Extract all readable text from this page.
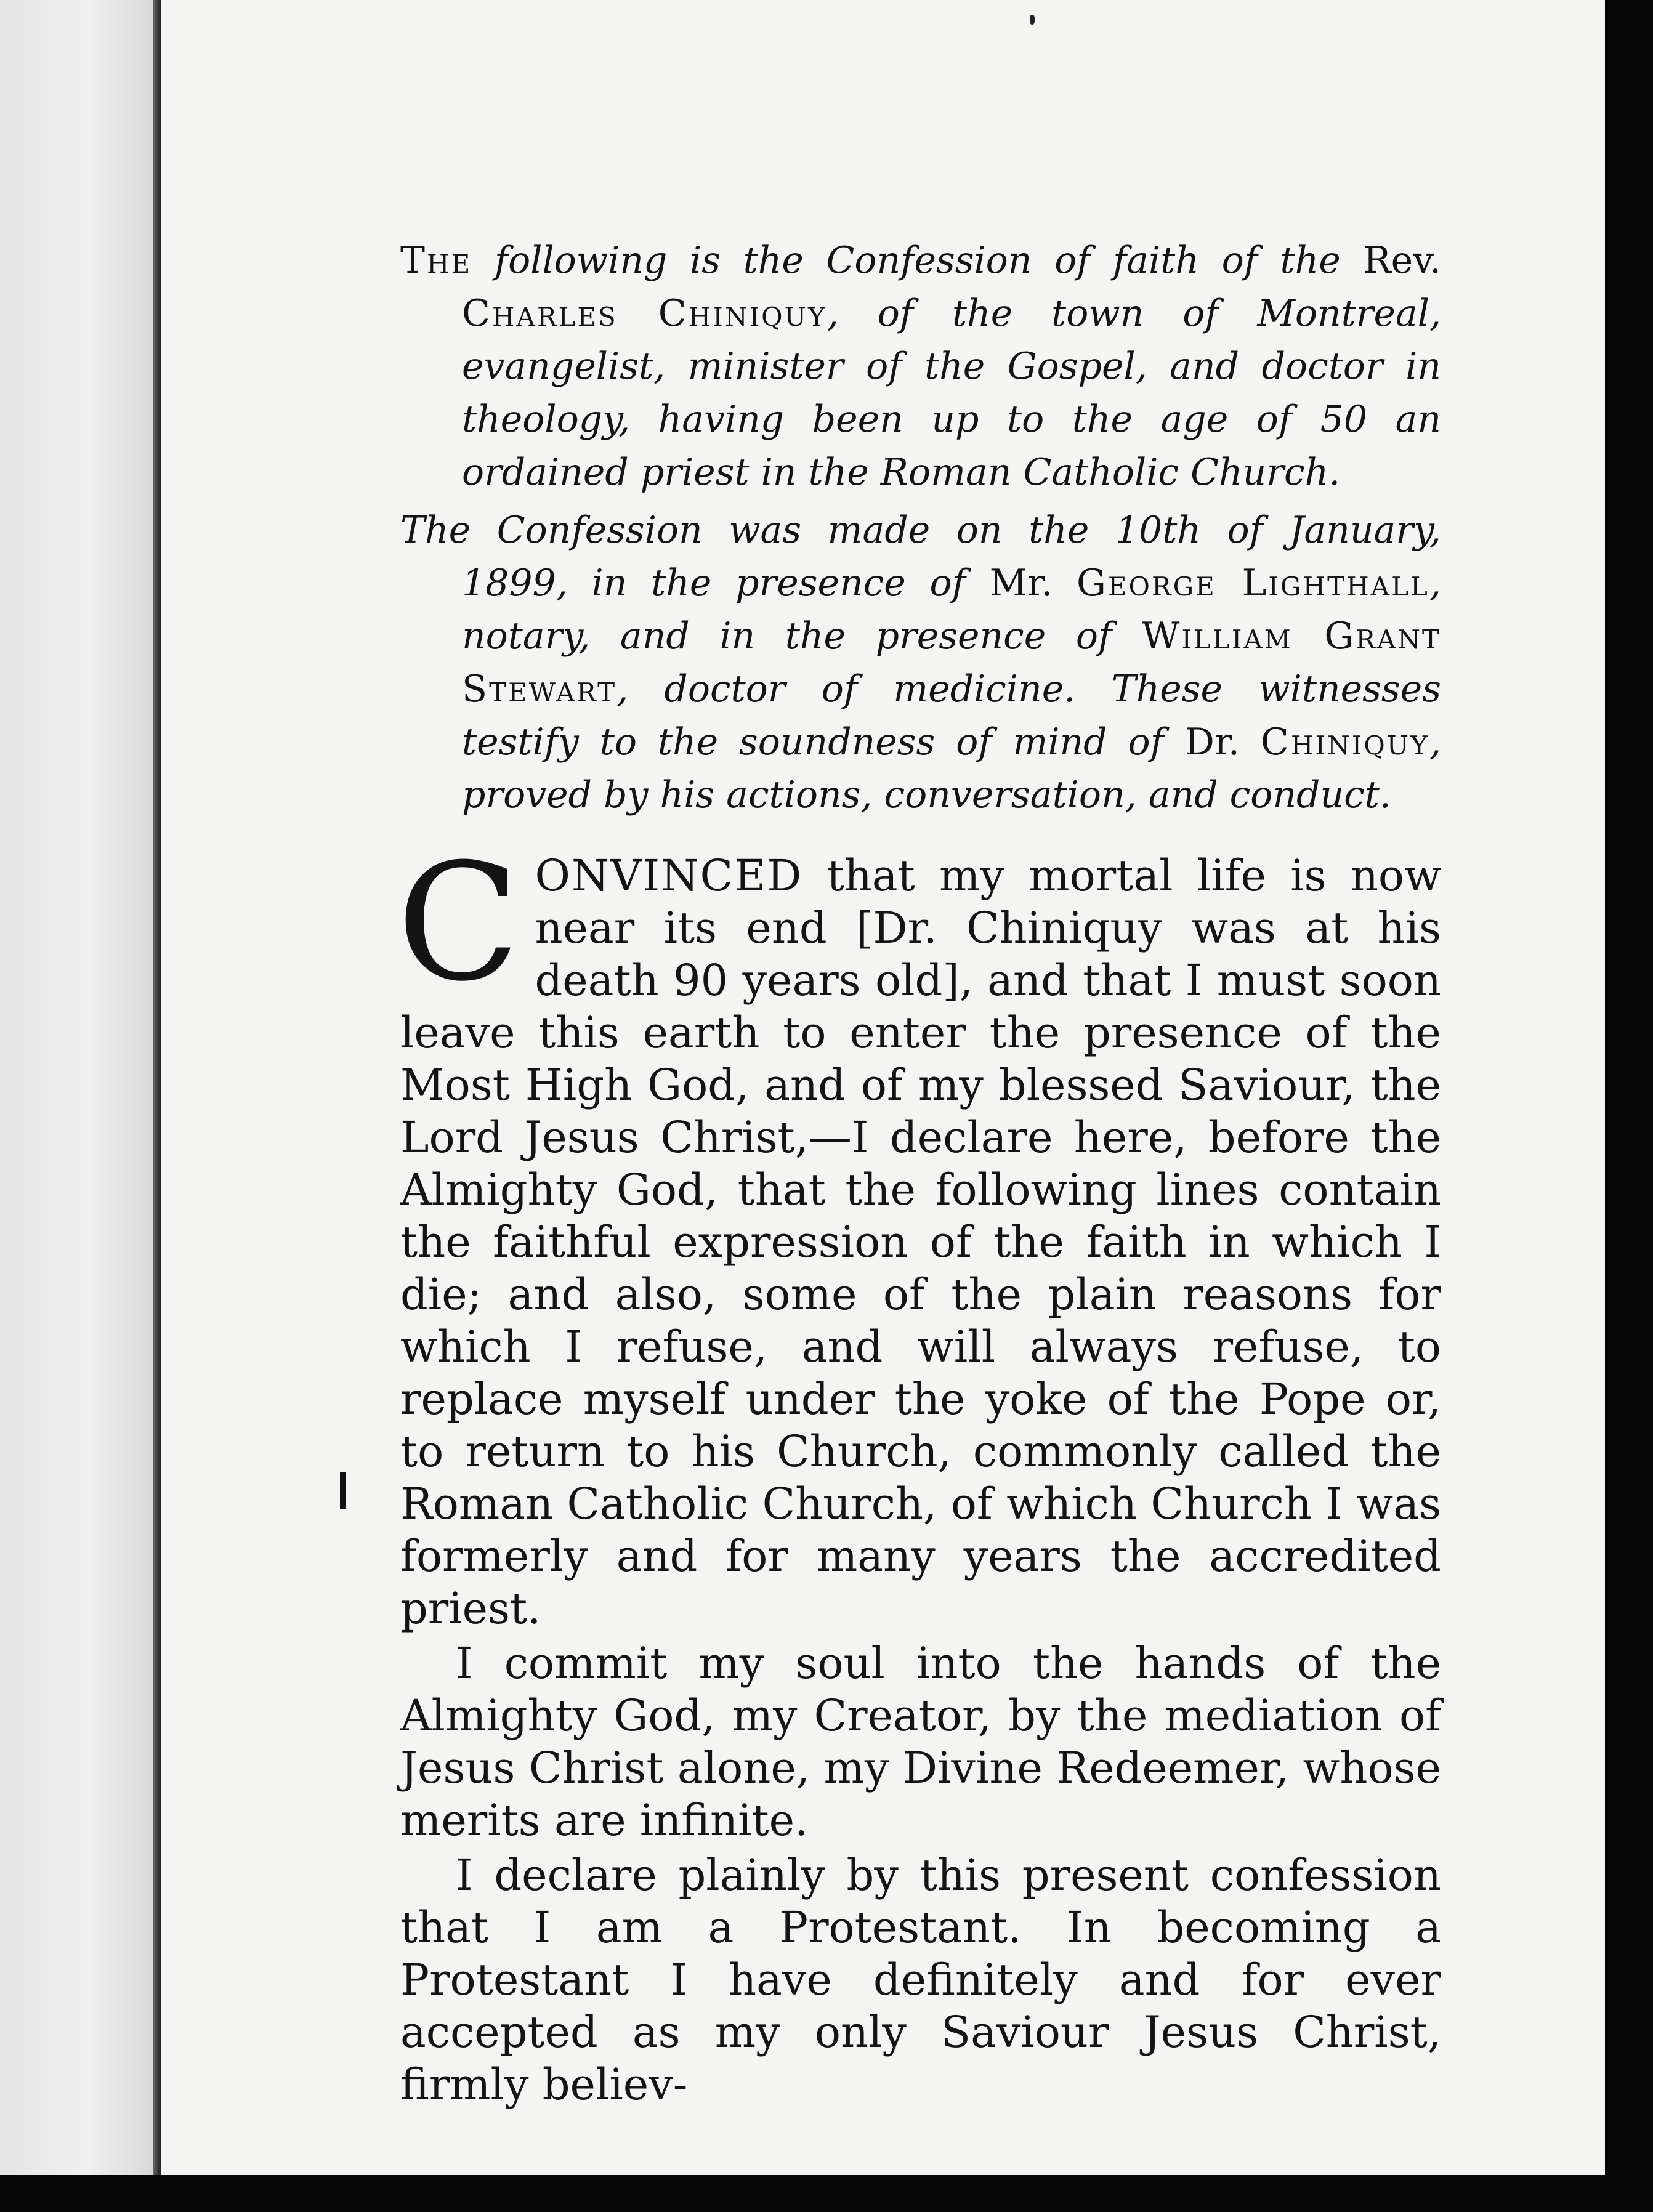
The following is the Confession of faith of the Rev. Charles Chiniquy, of the town of Montreal, evangelist, minister of the Gospel, and doctor in theology, having been up to the age of 50 an ordained priest in the Roman Catholic Church.

The Confession was made on the 10th of January, 1899, in the presence of Mr. George Lighthall, notary, and in the presence of William Grant Stewart, doctor of medicine. These witnesses testify to the soundness of mind of Dr. Chiniquy, proved by his actions, conversation, and conduct.

CONVINCED that my mortal life is now near its end [Dr. Chiniquy was at his death 90 years old], and that I must soon leave this earth to enter the presence of the Most High God, and of my blessed Saviour, the Lord Jesus Christ,—I declare here, before the Almighty God, that the following lines contain the faithful expression of the faith in which I die; and also, some of the plain reasons for which I refuse, and will always refuse, to replace myself under the yoke of the Pope or, to return to his Church, commonly called the Roman Catholic Church, of which Church I was formerly and for many years the accredited priest.

I commit my soul into the hands of the Almighty God, my Creator, by the mediation of Jesus Christ alone, my Divine Redeemer, whose merits are infinite.

I declare plainly by this present confession that I am a Protestant. In becoming a Protestant I have definitely and for ever accepted as my only Saviour Jesus Christ, firmly believ-
